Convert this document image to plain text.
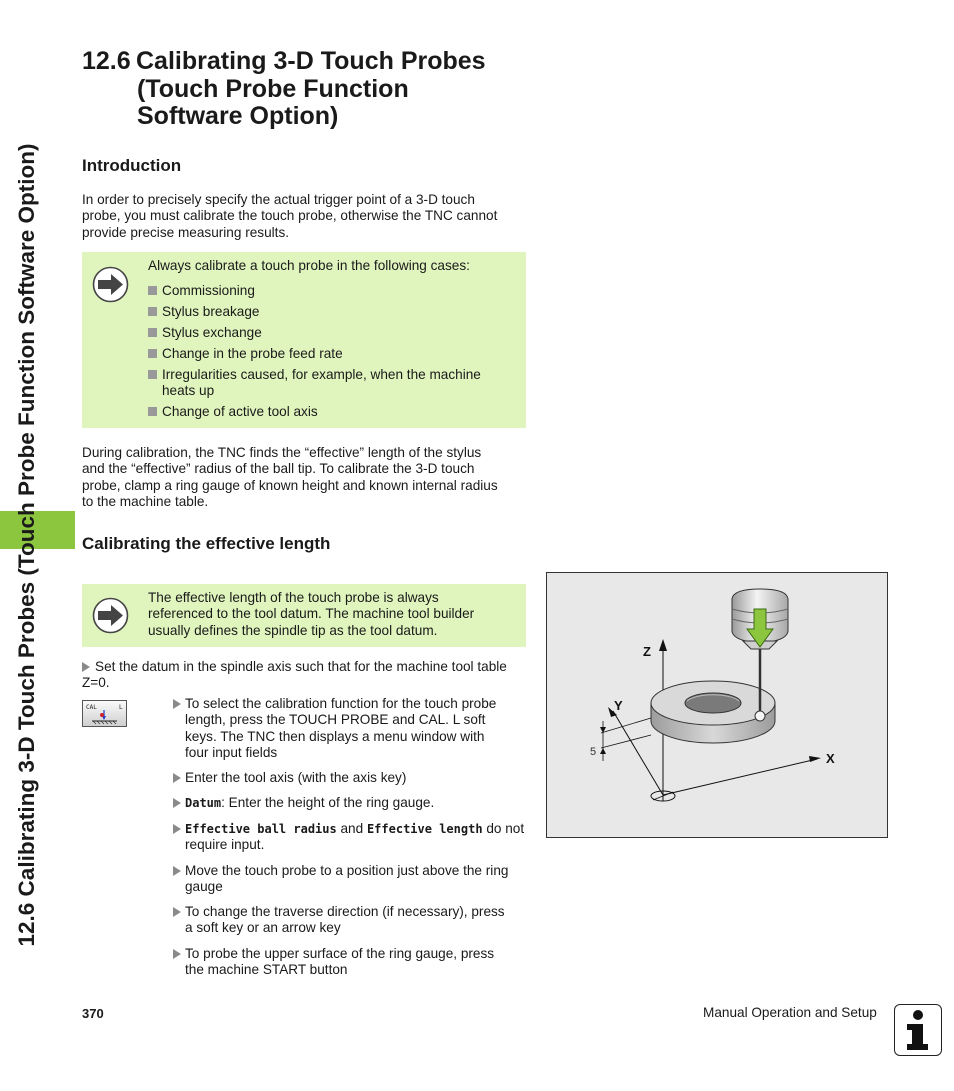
12.6 Calibrating 3-D Touch Probes (Touch Probe Function Software Option)
12.6 Calibrating 3-D Touch Probes
(Touch Probe Function
Software Option)
Introduction

In order to precisely specify the actual trigger point of a 3-D touch
probe, you must calibrate the touch probe, otherwise the TNC cannot
provide precise measuring results.

Always calibrate a touch probe in the following cases:
Commissioning
Stylus breakage
Stylus exchange
Change in the probe feed rate
Irregularities caused, for example, when the machine heats up
Change of active tool axis

During calibration, the TNC finds the “effective” length of the stylus
and the “effective” radius of the ball tip. To calibrate the 3-D touch
probe, clamp a ring gauge of known height and known internal radius
to the machine table.

Calibrating the effective length
The effective length of the touch probe is always
referenced to the tool datum. The machine tool builder
usually defines the spindle tip as the tool datum.
Set the datum in the spindle axis such that for the machine tool table
Z=0.
CAL	L	To select the calibration function for the touch probe
length, press the TOUCH PROBE and CAL. L soft
keys. The TNC then displays a menu window with
four input fields
Enter the tool axis (with the axis key)
Datum: Enter the height of the ring gauge.
Effective ball radius and Effective length do not
require input.
Move the touch probe to a position just above the ring
gauge
To change the traverse direction (if necessary), press
a soft key or an arrow key
To probe the upper surface of the ring gauge, press
the machine START button
Z
Y
X
5
370	Manual Operation and Setup
